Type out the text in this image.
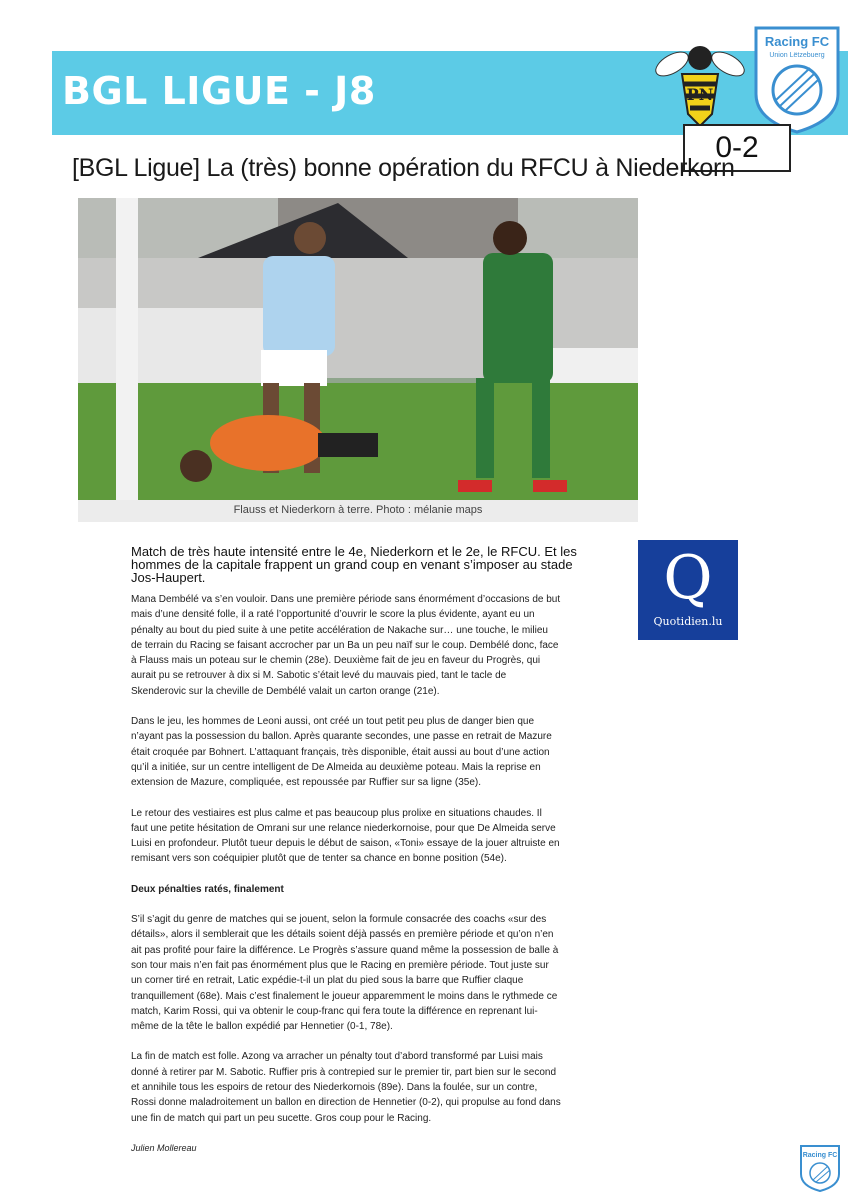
BGL LIGUE - J8	PN
Racing FC
Union Lëtzebuerg
0-2
[BGL Ligue] La (très) bonne opération du RFCU à Niederkorn
Flauss et Niederkorn à terre. Photo : mélanie maps
Match de très haute intensité entre le 4e, Niederkorn et le 2e, le RFCU. Et les hommes de la capitale frappent un grand coup en venant s’imposer au stade Jos-Haupert.

Mana Dembélé va s’en vouloir. Dans une première période sans énormément d’occasions de but mais d’une densité folle, il a raté l’opportunité d’ouvrir le score la plus évidente, ayant eu un pénalty au bout du pied suite à une petite accélération de Nakache sur… une touche, le milieu de terrain du Racing se faisant accrocher par un Ba un peu naïf sur le coup. Dembélé donc, face à Flauss mais un poteau sur le chemin (28e). Deuxième fait de jeu en faveur du Progrès, qui aurait pu se retrouver à dix si M. Sabotic s’était levé du mauvais pied, tant le tacle de Skenderovic sur la cheville de Dembélé valait un carton orange (21e).

Dans le jeu, les hommes de Leoni aussi, ont créé un tout petit peu plus de danger bien que n’ayant pas la possession du ballon. Après quarante secondes, une passe en retrait de Mazure était croquée par Bohnert. L’attaquant français, très disponible, était aussi au bout d’une action qu’il a initiée, sur un centre intelligent de De Almeida au deuxième poteau. Mais la reprise en extension de Mazure, compliquée, est repoussée par Ruffier sur sa ligne (35e).

Le retour des vestiaires est plus calme et pas beaucoup plus prolixe en situations chaudes. Il faut une petite hésitation de Omrani sur une relance niederkornoise, pour que De Almeida serve Luisi en profondeur. Plutôt tueur depuis le début de saison, «Toni» essaye de la jouer altruiste en remisant vers son coéquipier plutôt que de tenter sa chance en bonne position (54e).

Deux pénalties ratés, finalement

S’il s’agit du genre de matches qui se jouent, selon la formule consacrée des coachs «sur des détails», alors il semblerait que les détails soient déjà passés en première période et qu’on n’en ait pas profité pour faire la différence. Le Progrès s’assure quand même la possession de balle à son tour mais n’en fait pas énormément plus que le Racing en première période. Tout juste sur un corner tiré en retrait, Latic expédie-t-il un plat du pied sous la barre que Ruffier claque tranquillement (68e). Mais c’est finalement le joueur apparemment le moins dans le rythmede ce match, Karim Rossi, qui va obtenir le coup-franc qui fera toute la différence en reprenant lui-même de la tête le ballon expédié par Hennetier (0-1, 78e).

La fin de match est folle. Azong va arracher un pénalty tout d’abord transformé par Luisi mais donné à retirer par M. Sabotic. Ruffier pris à contrepied sur le premier tir, part bien sur le second et annihile tous les espoirs de retour des Niederkornois (89e). Dans la foulée, sur un contre, Rossi donne maladroitement un ballon en direction de Hennetier (0-2), qui propulse au fond dans une fin de match qui part un peu sucette. Gros coup pour le Racing.

Julien Mollereau

Q
Quotidien.lu
Racing FC
